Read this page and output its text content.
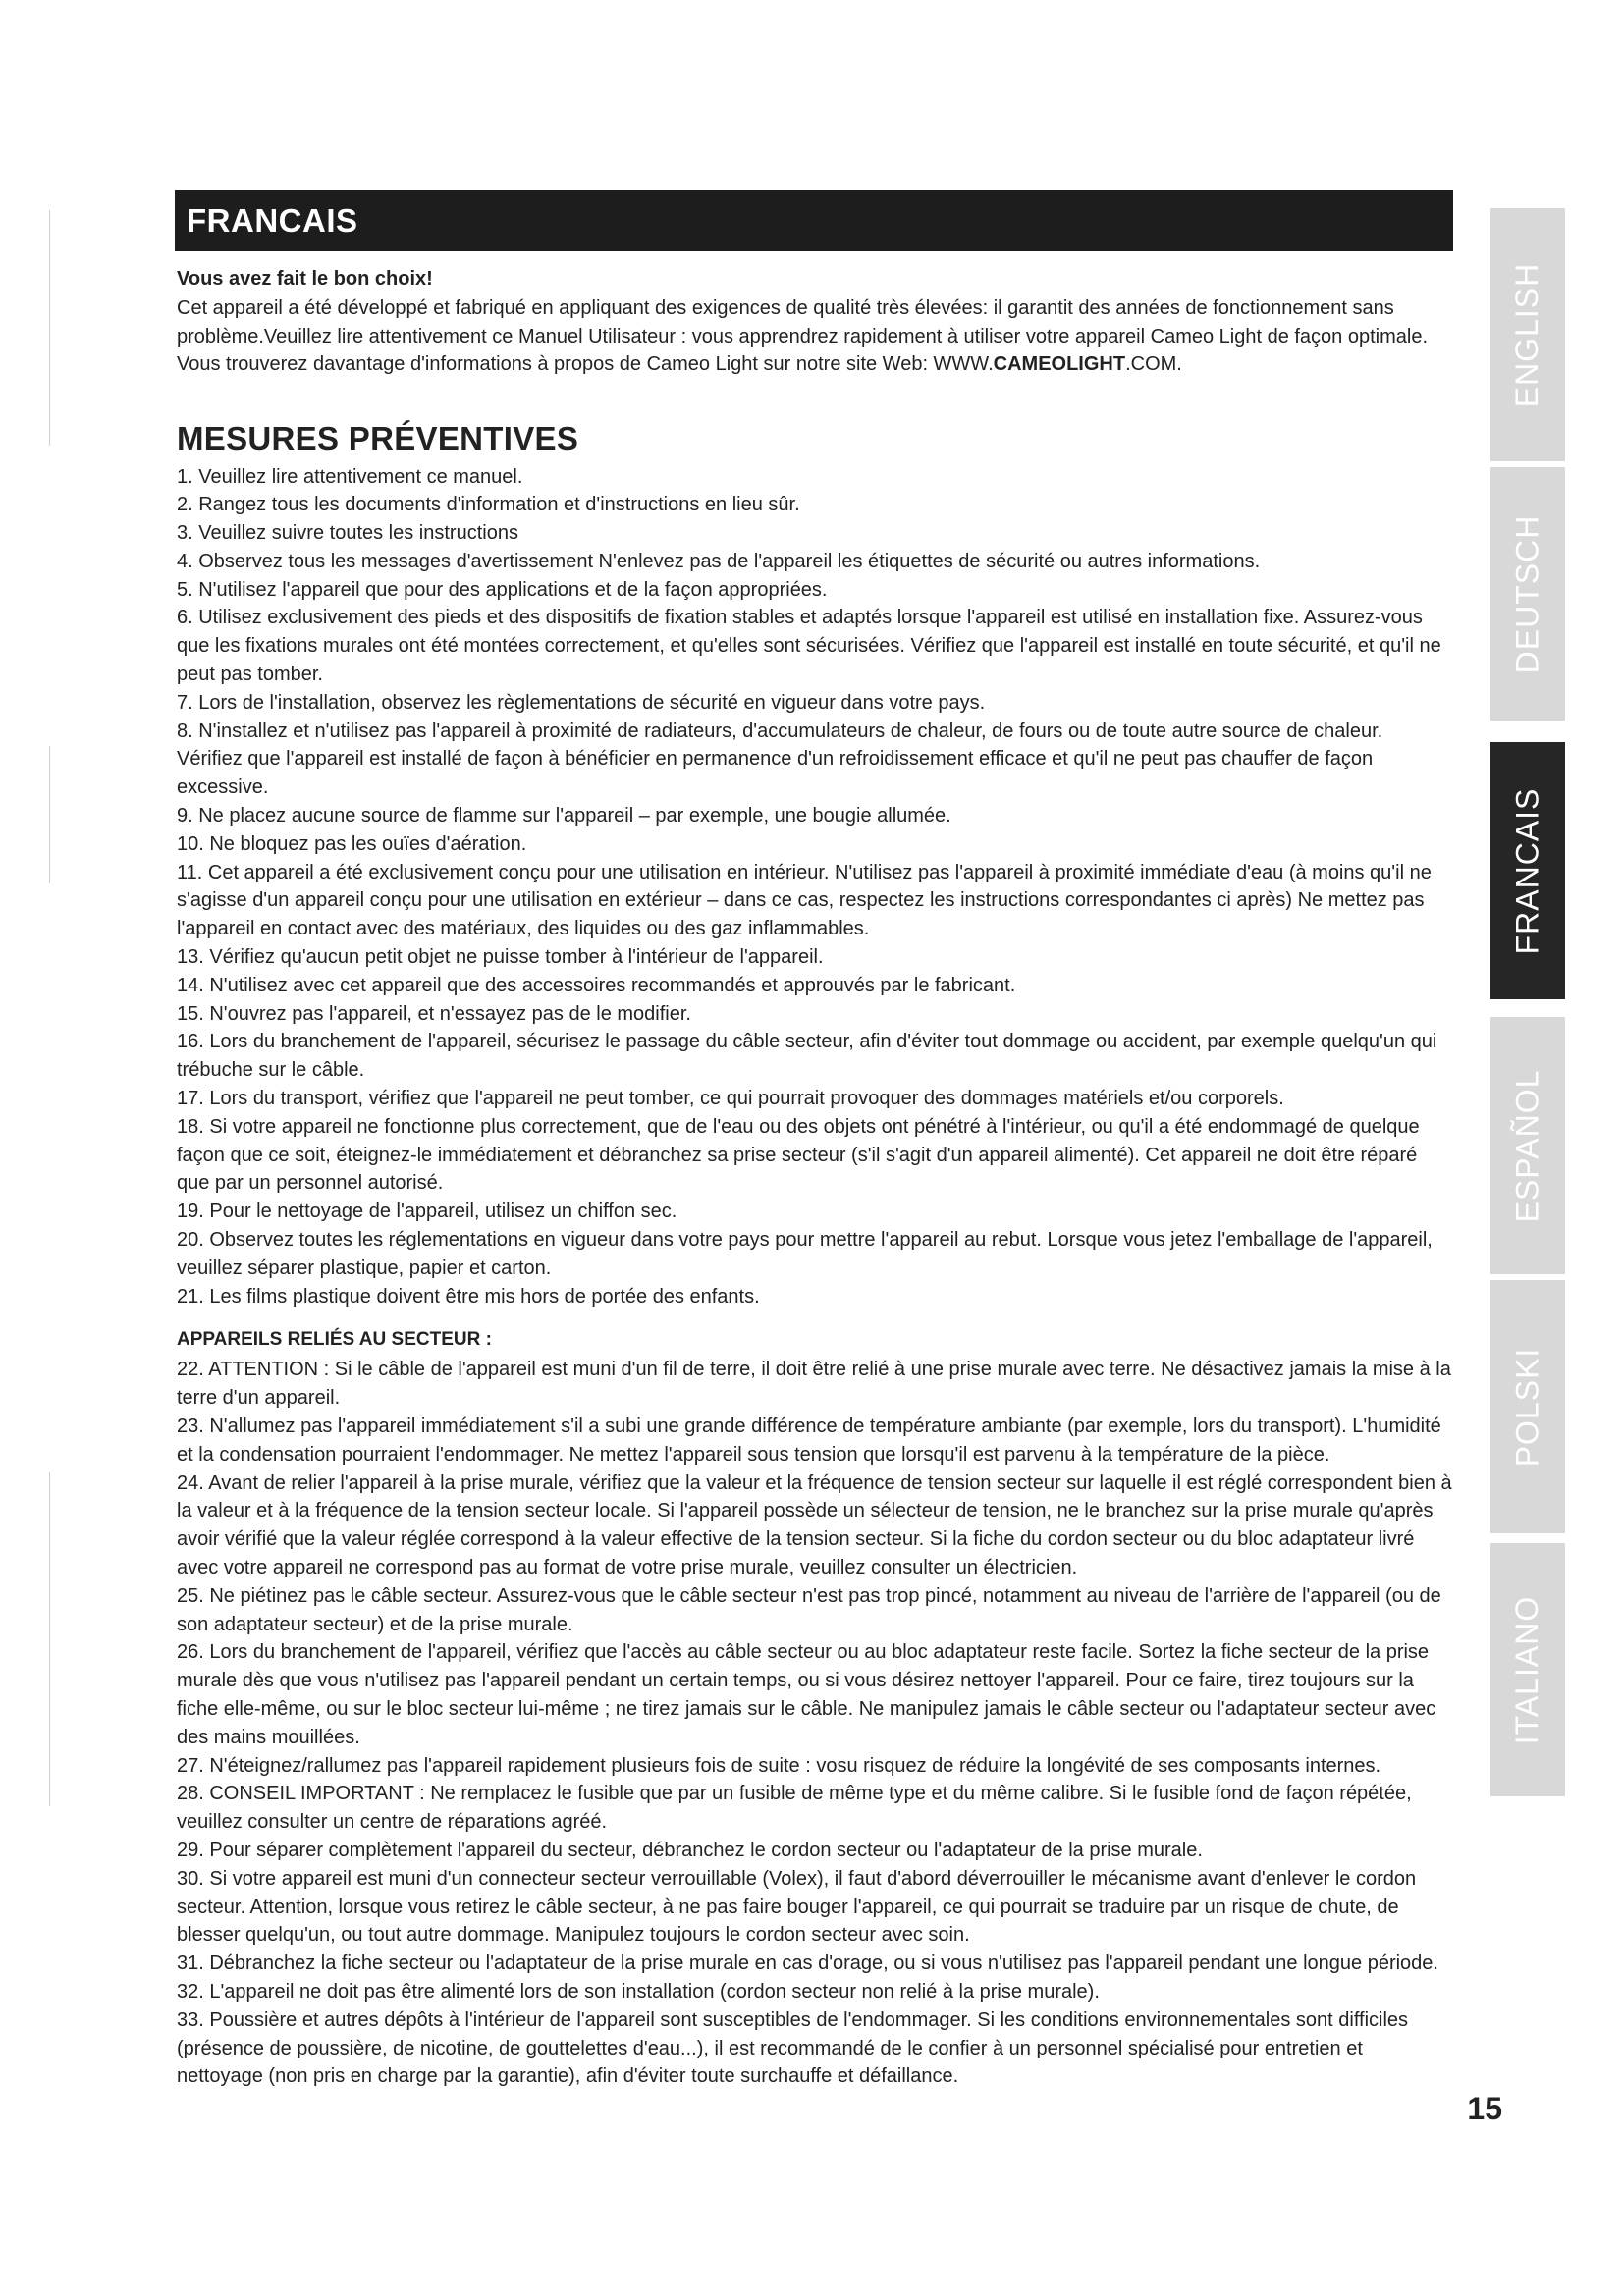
FRANCAIS

Vous avez fait le bon choix!

Cet appareil a été développé et fabriqué en appliquant des exigences de qualité très élevées: il garantit des années de fonctionnement sans problème.Veuillez lire attentivement ce Manuel Utilisateur : vous apprendrez rapidement à utiliser votre appareil Cameo Light de façon optimale. Vous trouverez davantage d'informations à propos de Cameo Light sur notre site Web: WWW.CAMEOLIGHT.COM.

MESURES PRÉVENTIVES

1. Veuillez lire attentivement ce manuel.

2. Rangez tous les documents d'information et d'instructions en lieu sûr.

3. Veuillez suivre toutes les instructions

4. Observez tous les messages d'avertissement N'enlevez pas de l'appareil les étiquettes de sécurité ou autres informations.

5. N'utilisez l'appareil que pour des applications et de la façon appropriées.

6. Utilisez exclusivement des pieds et des dispositifs de fixation stables et adaptés lorsque l'appareil est utilisé en installation fixe. Assurez-vous que les fixations murales ont été montées correctement, et qu'elles sont sécurisées. Vérifiez que l'appareil est installé en toute sécurité, et qu'il ne peut pas tomber.

7. Lors de l'installation, observez les règlementations de sécurité en vigueur dans votre pays.

8. N'installez et n'utilisez pas l'appareil à proximité de radiateurs, d'accumulateurs de chaleur, de fours ou de toute autre source de chaleur. Vérifiez que l'appareil est installé de façon à bénéficier en permanence d'un refroidissement efficace et qu'il ne peut pas chauffer de façon excessive.

9. Ne placez aucune source de flamme sur l'appareil – par exemple, une bougie allumée.

10. Ne bloquez pas les ouïes d'aération.

11. Cet appareil a été exclusivement conçu pour une utilisation en intérieur. N'utilisez pas l'appareil à proximité immédiate d'eau (à moins qu'il ne s'agisse d'un appareil conçu pour une utilisation en extérieur – dans ce cas, respectez les instructions correspondantes ci après) Ne mettez pas l'appareil en contact avec des matériaux, des liquides ou des gaz inflammables.

13. Vérifiez qu'aucun petit objet ne puisse tomber à l'intérieur de l'appareil.

14. N'utilisez avec cet appareil que des accessoires recommandés et approuvés par le fabricant.

15. N'ouvrez pas l'appareil, et n'essayez pas de le modifier.

16. Lors du branchement de l'appareil, sécurisez le passage du câble secteur, afin d'éviter tout dommage ou accident, par exemple quelqu'un qui trébuche sur le câble.

17. Lors du transport, vérifiez que l'appareil ne peut tomber, ce qui pourrait provoquer des dommages matériels et/ou corporels.

18. Si votre appareil ne fonctionne plus correctement, que de l'eau ou des objets ont pénétré à l'intérieur, ou qu'il a été endommagé de quelque façon que ce soit, éteignez-le immédiatement et débranchez sa prise secteur (s'il s'agit d'un appareil alimenté). Cet appareil ne doit être réparé que par un personnel autorisé.

19. Pour le nettoyage de l'appareil, utilisez un chiffon sec.

20. Observez toutes les réglementations en vigueur dans votre pays pour mettre l'appareil au rebut. Lorsque vous jetez l'emballage de l'appareil, veuillez séparer plastique, papier et carton.

21. Les films plastique doivent être mis hors de portée des enfants.

APPAREILS RELIÉS AU SECTEUR :

22. ATTENTION : Si le câble de l'appareil est muni d'un fil de terre, il doit être relié à une prise murale avec terre. Ne désactivez jamais la mise à la terre d'un appareil.

23. N'allumez pas l'appareil immédiatement s'il a subi une grande différence de température ambiante (par exemple, lors du transport). L'humidité et la condensation pourraient l'endommager. Ne mettez l'appareil sous tension que lorsqu'il est parvenu à la température de la pièce.

24. Avant de relier l'appareil à la prise murale, vérifiez que la valeur et la fréquence de tension secteur sur laquelle il est réglé correspondent bien à la valeur et à la fréquence de la tension secteur locale. Si l'appareil possède un sélecteur de tension, ne le branchez sur la prise murale qu'après avoir vérifié que la valeur réglée correspond à la valeur effective de la tension secteur. Si la fiche du cordon secteur ou du bloc adaptateur livré avec votre appareil ne correspond pas au format de votre prise murale, veuillez consulter un électricien.

25. Ne piétinez pas le câble secteur. Assurez-vous que le câble secteur n'est pas trop pincé, notamment au niveau de l'arrière de l'appareil (ou de son adaptateur secteur) et de la prise murale.

26. Lors du branchement de l'appareil, vérifiez que l'accès au câble secteur ou au bloc adaptateur reste facile. Sortez la fiche secteur de la prise murale dès que vous n'utilisez pas l'appareil pendant un certain temps, ou si vous désirez nettoyer l'appareil. Pour ce faire, tirez toujours sur la fiche elle-même, ou sur le bloc secteur lui-même ; ne tirez jamais sur le câble. Ne manipulez jamais le câble secteur ou l'adaptateur secteur avec des mains mouillées.

27. N'éteignez/rallumez pas l'appareil rapidement plusieurs fois de suite : vosu risquez de réduire la longévité de ses composants internes.

28. CONSEIL IMPORTANT : Ne remplacez le fusible que par un fusible de même type et du même calibre. Si le fusible fond de façon répétée, veuillez consulter un centre de réparations agréé.

29. Pour séparer complètement l'appareil du secteur, débranchez le cordon secteur ou l'adaptateur de la prise murale.

30. Si votre appareil est muni d'un connecteur secteur verrouillable (Volex), il faut d'abord déverrouiller le mécanisme avant d'enlever le cordon secteur. Attention, lorsque vous retirez le câble secteur, à ne pas faire bouger l'appareil, ce qui pourrait se traduire par un risque de chute, de blesser quelqu'un, ou tout autre dommage. Manipulez toujours le cordon secteur avec soin.

31. Débranchez la fiche secteur ou l'adaptateur de la prise murale en cas d'orage, ou si vous n'utilisez pas l'appareil pendant une longue période.

32. L'appareil ne doit pas être alimenté lors de son installation (cordon secteur non relié à la prise murale).

33. Poussière et autres dépôts à l'intérieur de l'appareil sont susceptibles de l'endommager. Si les conditions environnementales sont difficiles (présence de poussière, de nicotine, de gouttelettes d'eau...), il est recommandé de le confier à un personnel spécialisé pour entretien et nettoyage (non pris en charge par la garantie), afin d'éviter toute surchauffe et défaillance.

ENGLISH
DEUTSCH
FRANCAIS
ESPAÑOL
POLSKI
ITALIANO
15
